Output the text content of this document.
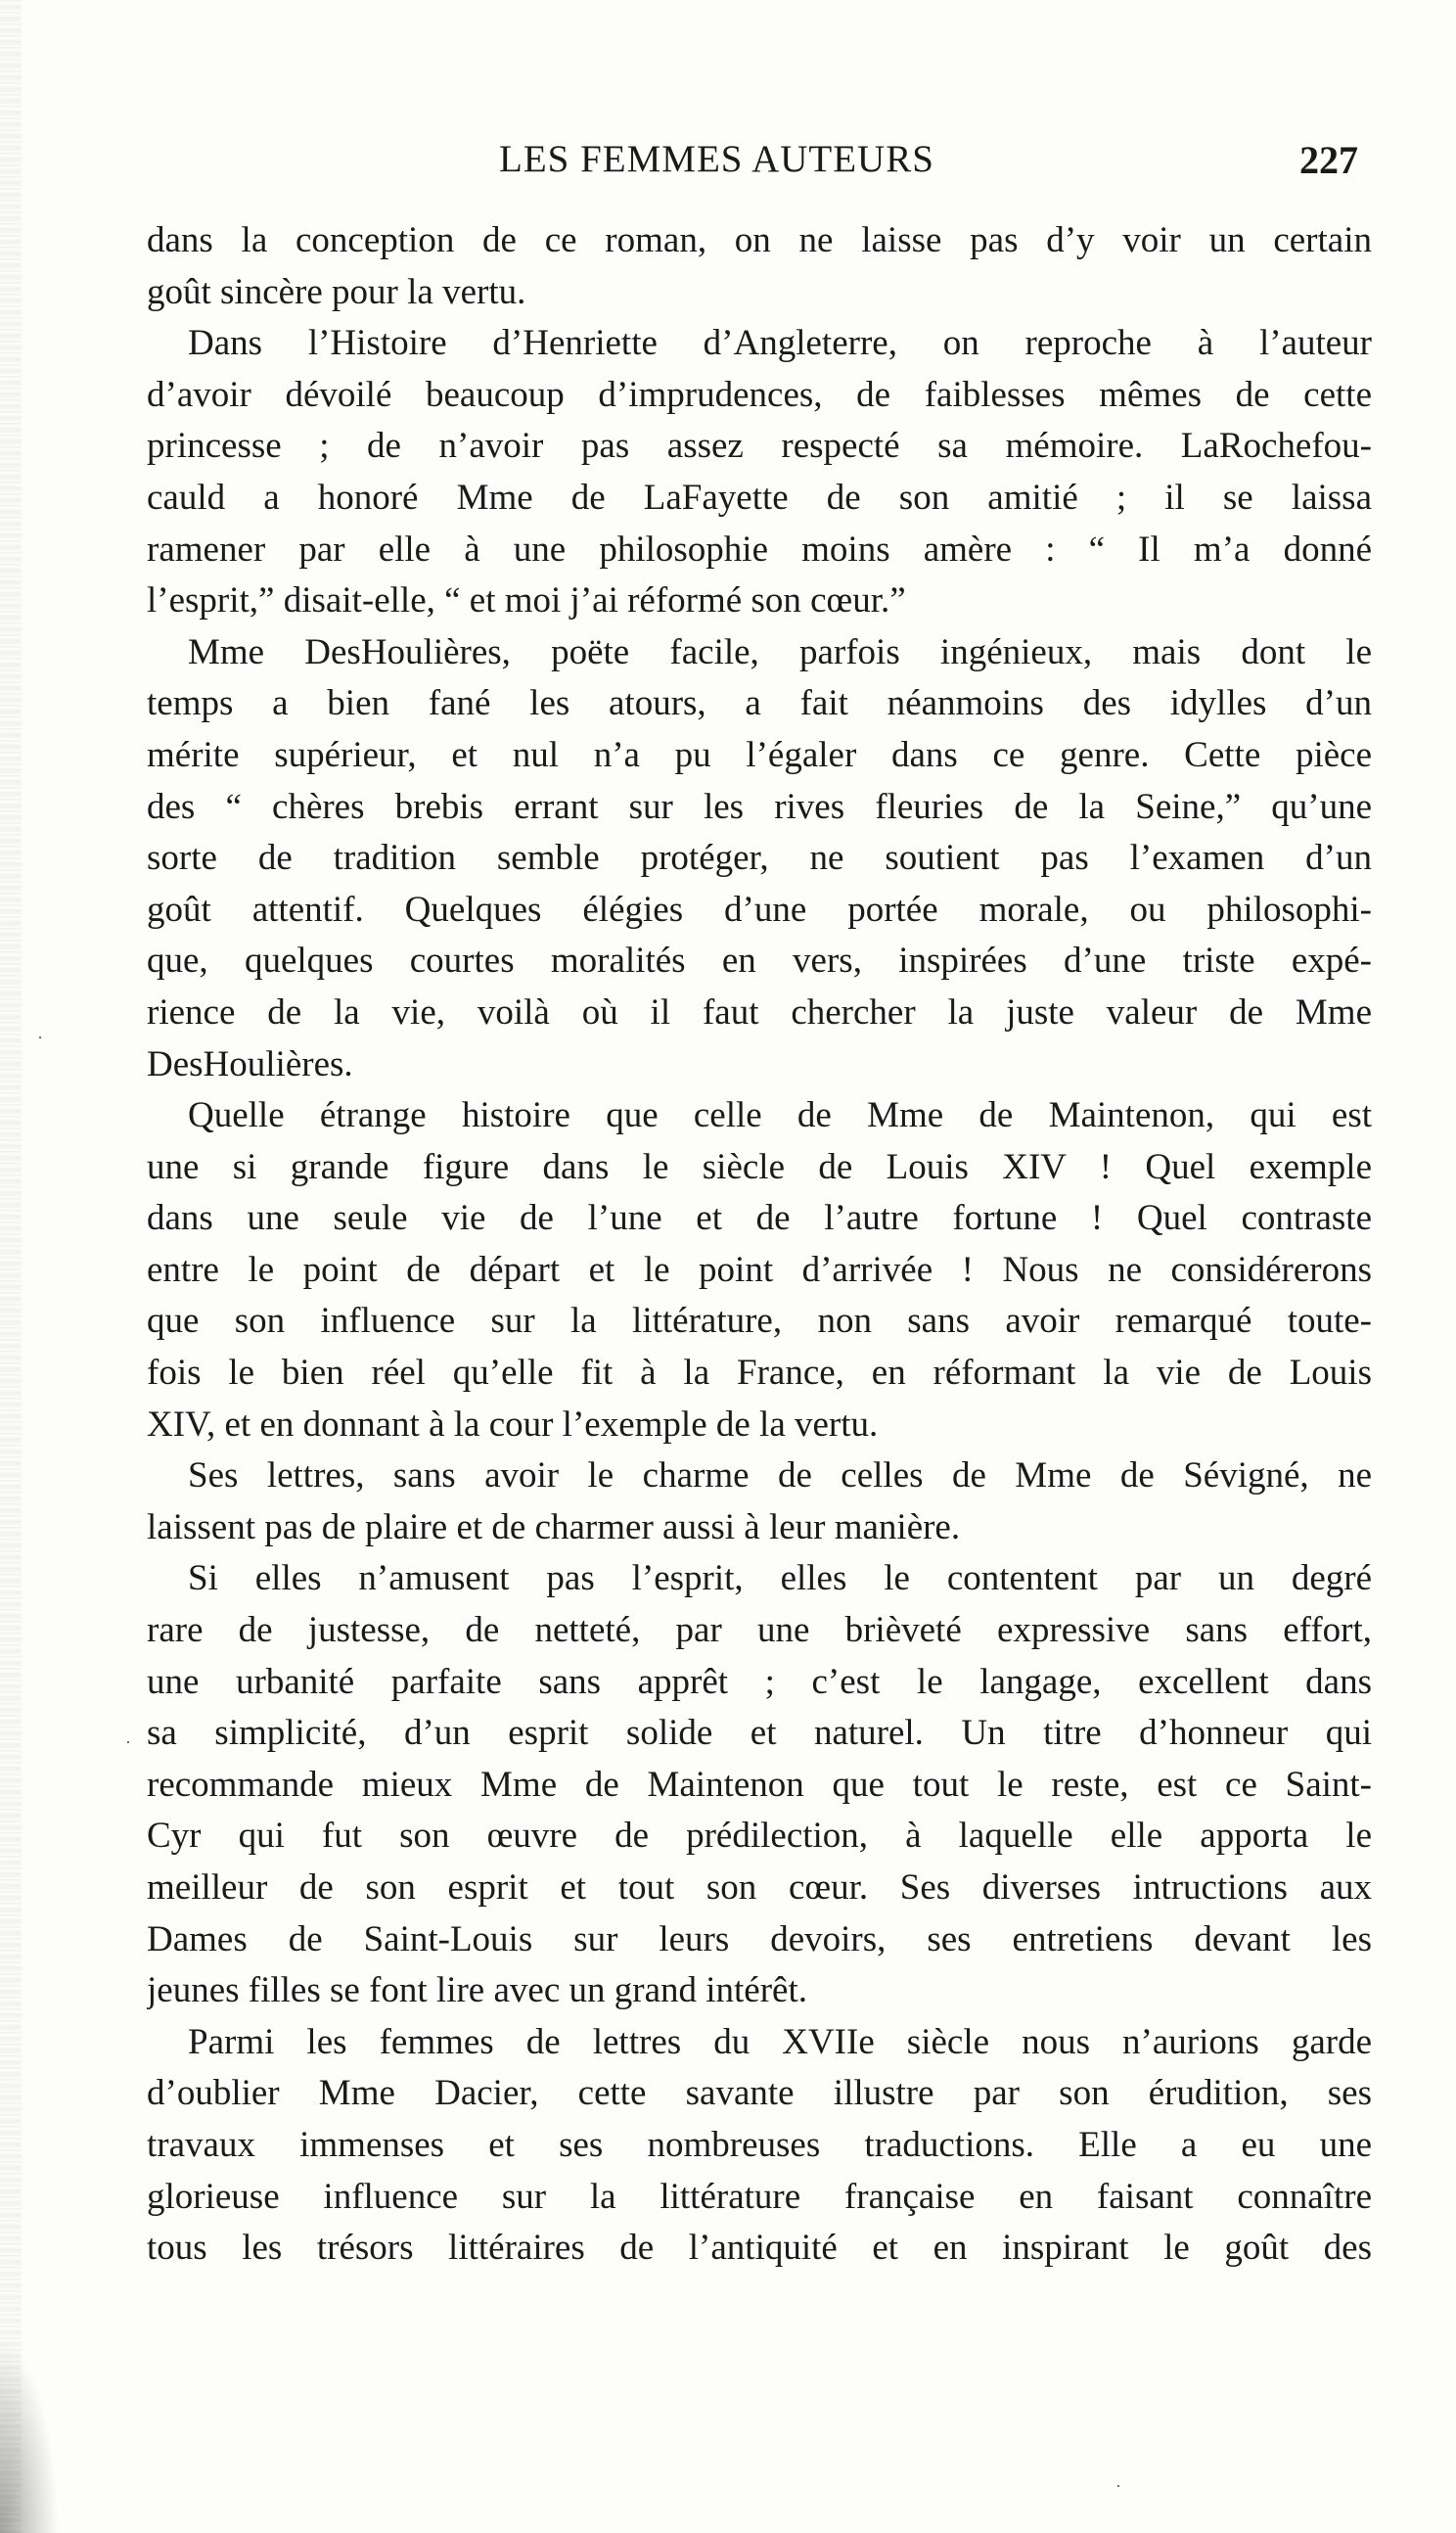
LES FEMMES AUTEURS	227
dans la conception de ce roman, on ne laisse pas d’y voir un certain
goût sincère pour la vertu.
Dans l’Histoire d’Henriette d’Angleterre, on reproche à l’auteur
d’avoir dévoilé beaucoup d’imprudences, de faiblesses mêmes de cette
princesse ; de n’avoir pas assez respecté sa mémoire. LaRochefou-
cauld a honoré Mme de LaFayette de son amitié ; il se laissa
ramener par elle à une philosophie moins amère : “ Il m’a donné
l’esprit,” disait-elle, “ et moi j’ai réformé son cœur.”
Mme DesHoulières, poëte facile, parfois ingénieux, mais dont le
temps a bien fané les atours, a fait néanmoins des idylles d’un
mérite supérieur, et nul n’a pu l’égaler dans ce genre. Cette pièce
des “ chères brebis errant sur les rives fleuries de la Seine,” qu’une
sorte de tradition semble protéger, ne soutient pas l’examen d’un
goût attentif. Quelques élégies d’une portée morale, ou philosophi-
que, quelques courtes moralités en vers, inspirées d’une triste expé-
rience de la vie, voilà où il faut chercher la juste valeur de Mme
DesHoulières.
Quelle étrange histoire que celle de Mme de Maintenon, qui est
une si grande figure dans le siècle de Louis XIV ! Quel exemple
dans une seule vie de l’une et de l’autre fortune ! Quel contraste
entre le point de départ et le point d’arrivée ! Nous ne considérerons
que son influence sur la littérature, non sans avoir remarqué toute-
fois le bien réel qu’elle fit à la France, en réformant la vie de Louis
XIV, et en donnant à la cour l’exemple de la vertu.
Ses lettres, sans avoir le charme de celles de Mme de Sévigné, ne
laissent pas de plaire et de charmer aussi à leur manière.
Si elles n’amusent pas l’esprit, elles le contentent par un degré
rare de justesse, de netteté, par une brièveté expressive sans effort,
une urbanité parfaite sans apprêt ; c’est le langage, excellent dans
sa simplicité, d’un esprit solide et naturel. Un titre d’honneur qui
recommande mieux Mme de Maintenon que tout le reste, est ce Saint-
Cyr qui fut son œuvre de prédilection, à laquelle elle apporta le
meilleur de son esprit et tout son cœur. Ses diverses intructions aux
Dames de Saint-Louis sur leurs devoirs, ses entretiens devant les
jeunes filles se font lire avec un grand intérêt.
Parmi les femmes de lettres du XVIIe siècle nous n’aurions garde
d’oublier Mme Dacier, cette savante illustre par son érudition, ses
travaux immenses et ses nombreuses traductions. Elle a eu une
glorieuse influence sur la littérature française en faisant connaître
tous les trésors littéraires de l’antiquité et en inspirant le goût des
·
·
·
